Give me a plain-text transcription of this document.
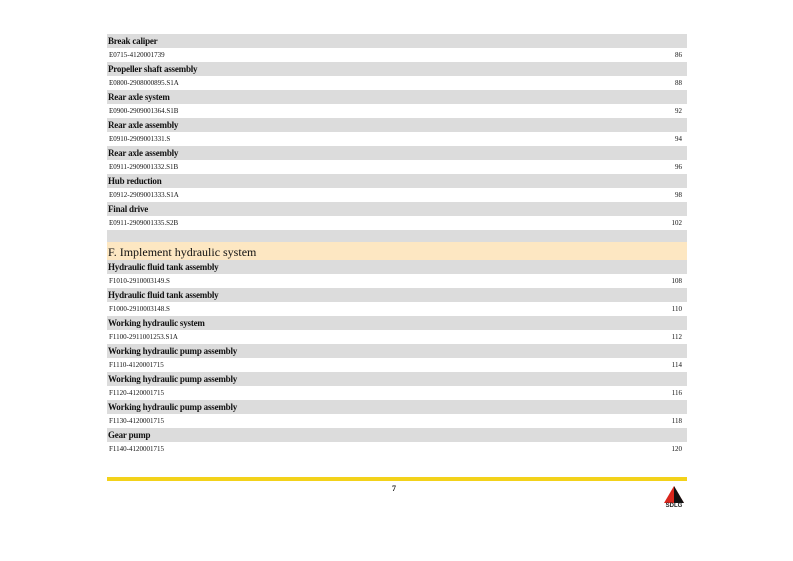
Break caliper
E0715-4120001739	86
Propeller shaft assembly
E0800-2908000895.S1A	88
Rear axle system
E0900-2909001364.S1B	92
Rear axle assembly
E0910-2909001331.S	94
Rear axle assembly
E0911-2909001332.S1B	96
Hub reduction
E0912-2909001333.S1A	98
Final drive
E0911-2909001335.S2B	102
F. Implement hydraulic system
Hydraulic fluid tank assembly
F1010-2910003149.S	108
Hydraulic fluid tank assembly
F1000-2910003148.S	110
Working hydraulic system
F1100-2911001253.S1A	112
Working hydraulic pump assembly
F1110-4120001715	114
Working hydraulic pump assembly
F1120-4120001715	116
Working hydraulic pump assembly
F1130-4120001715	118
Gear pump
F1140-4120001715	120
7
SDLG
